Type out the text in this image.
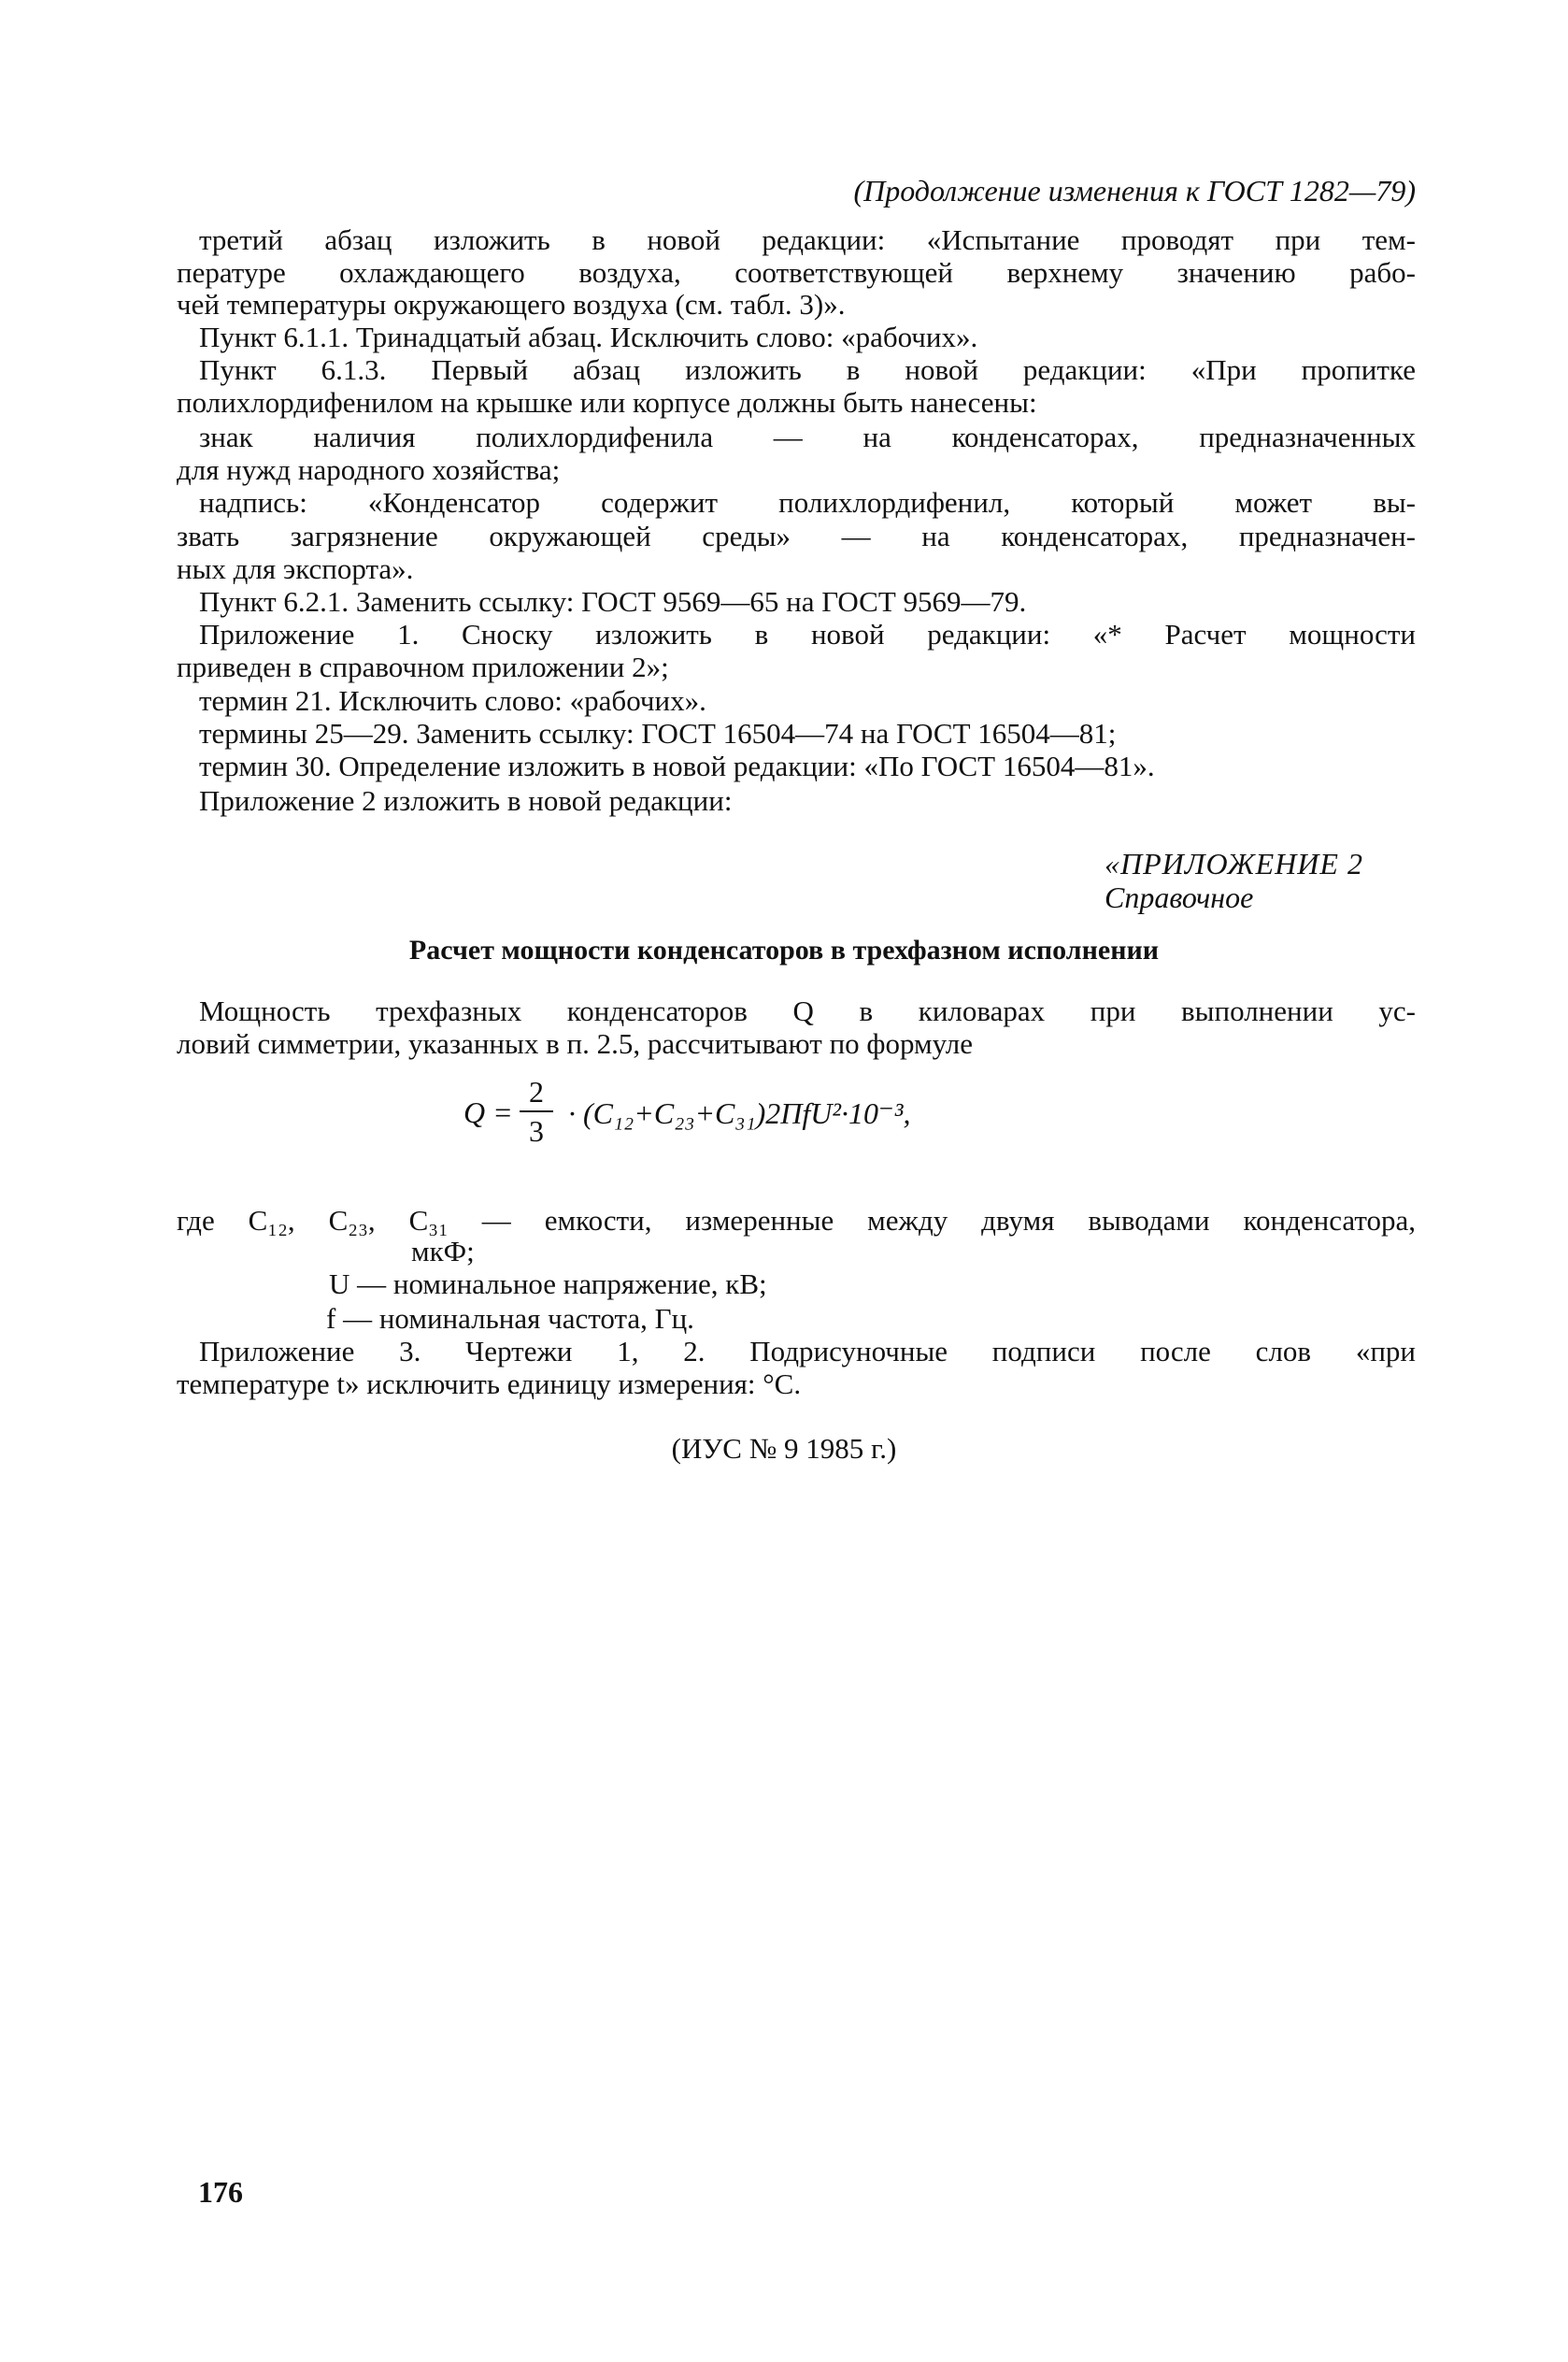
(Продолжение изменения к ГОСТ 1282—79)
третий абзац изложить в новой редакции: «Испытание проводят при тем-
пературе охлаждающего воздуха, соответствующей верхнему значению рабо-
чей температуры окружающего воздуха (см. табл. 3)».
Пункт 6.1.1. Тринадцатый абзац. Исключить слово: «рабочих».
Пункт 6.1.3. Первый абзац изложить в новой редакции: «При пропитке
полихлордифенилом на крышке или корпусе должны быть нанесены:
знак наличия полихлордифенила — на конденсаторах, предназначенных
для нужд народного хозяйства;
надпись: «Конденсатор содержит полихлордифенил, который может вы-
звать загрязнение окружающей среды» — на конденсаторах, предназначен-
ных для экспорта».
Пункт 6.2.1. Заменить ссылку: ГОСТ 9569—65 на ГОСТ 9569—79.
Приложение 1. Сноску изложить в новой редакции: «* Расчет мощности
приведен в справочном приложении 2»;
термин 21. Исключить слово: «рабочих».
термины 25—29. Заменить ссылку: ГОСТ 16504—74 на ГОСТ 16504—81;
термин 30. Определение изложить в новой редакции: «По ГОСТ 16504—81».
Приложение 2 изложить в новой редакции:
«ПРИЛОЖЕНИЕ 2
Справочное
Расчет мощности конденсаторов в трехфазном исполнении
Мощность трехфазных конденсаторов Q в киловарах при выполнении ус-
ловий симметрии, указанных в п. 2.5, рассчитывают по формуле
Q =
2
3
· (C₁₂+C₂₃+C₃₁)2ΠfU²·10⁻³,
где C₁₂, C₂₃, C₃₁ — емкости, измеренные между двумя выводами конденсатора,
мкФ;
U — номинальное напряжение, кВ;
f — номинальная частота, Гц.
Приложение 3. Чертежи 1, 2. Подрисуночные подписи после слов «при
температуре t» исключить единицу измерения: °С.
(ИУС № 9 1985 г.)
176
